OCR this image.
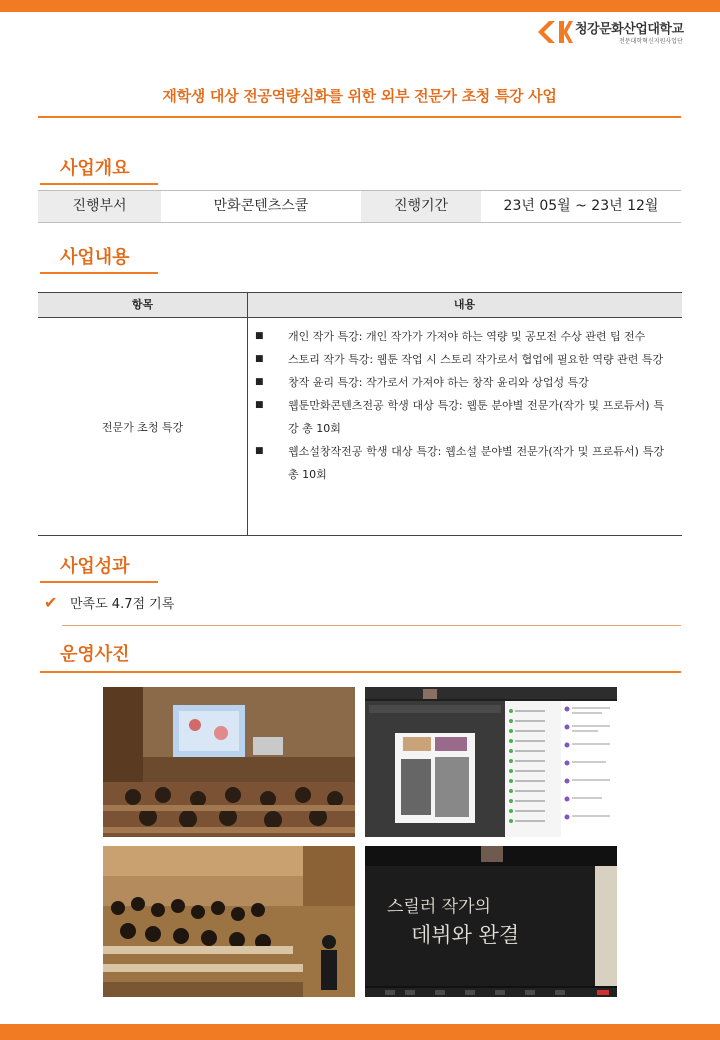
청강문화산업대학교
전문대학혁신지원사업단
재학생 대상 전공역량심화를 위한 외부 전문가 초청 특강 사업
사업개요
진행부서	만화콘텐츠스쿨	진행기간	23년 05월 ~ 23년 12월
사업내용
항목	내용
전문가 초청 특강
■ 개인 작가 특강: 개인 작가가 가져야 하는 역량 및 공모전 수상 관련 팁 전수
■ 스토리 작가 특강: 웹툰 작업 시 스토리 작가로서 협업에 필요한 역량 관련 특강
■ 창작 윤리 특강: 작가로서 가져야 하는 창작 윤리와 상업성 특강
■ 웹툰만화콘텐츠전공 학생 대상 특강: 웹툰 분야별 전문가(작가 및 프로듀서) 특강 총 10회
■ 웹소설창작전공 학생 대상 특강: 웹소설 분야별 전문가(작가 및 프로듀서) 특강 총 10회
사업성과
✔ 만족도 4.7점 기록
운영사진
스릴러 작가의
데뷔와 완결
